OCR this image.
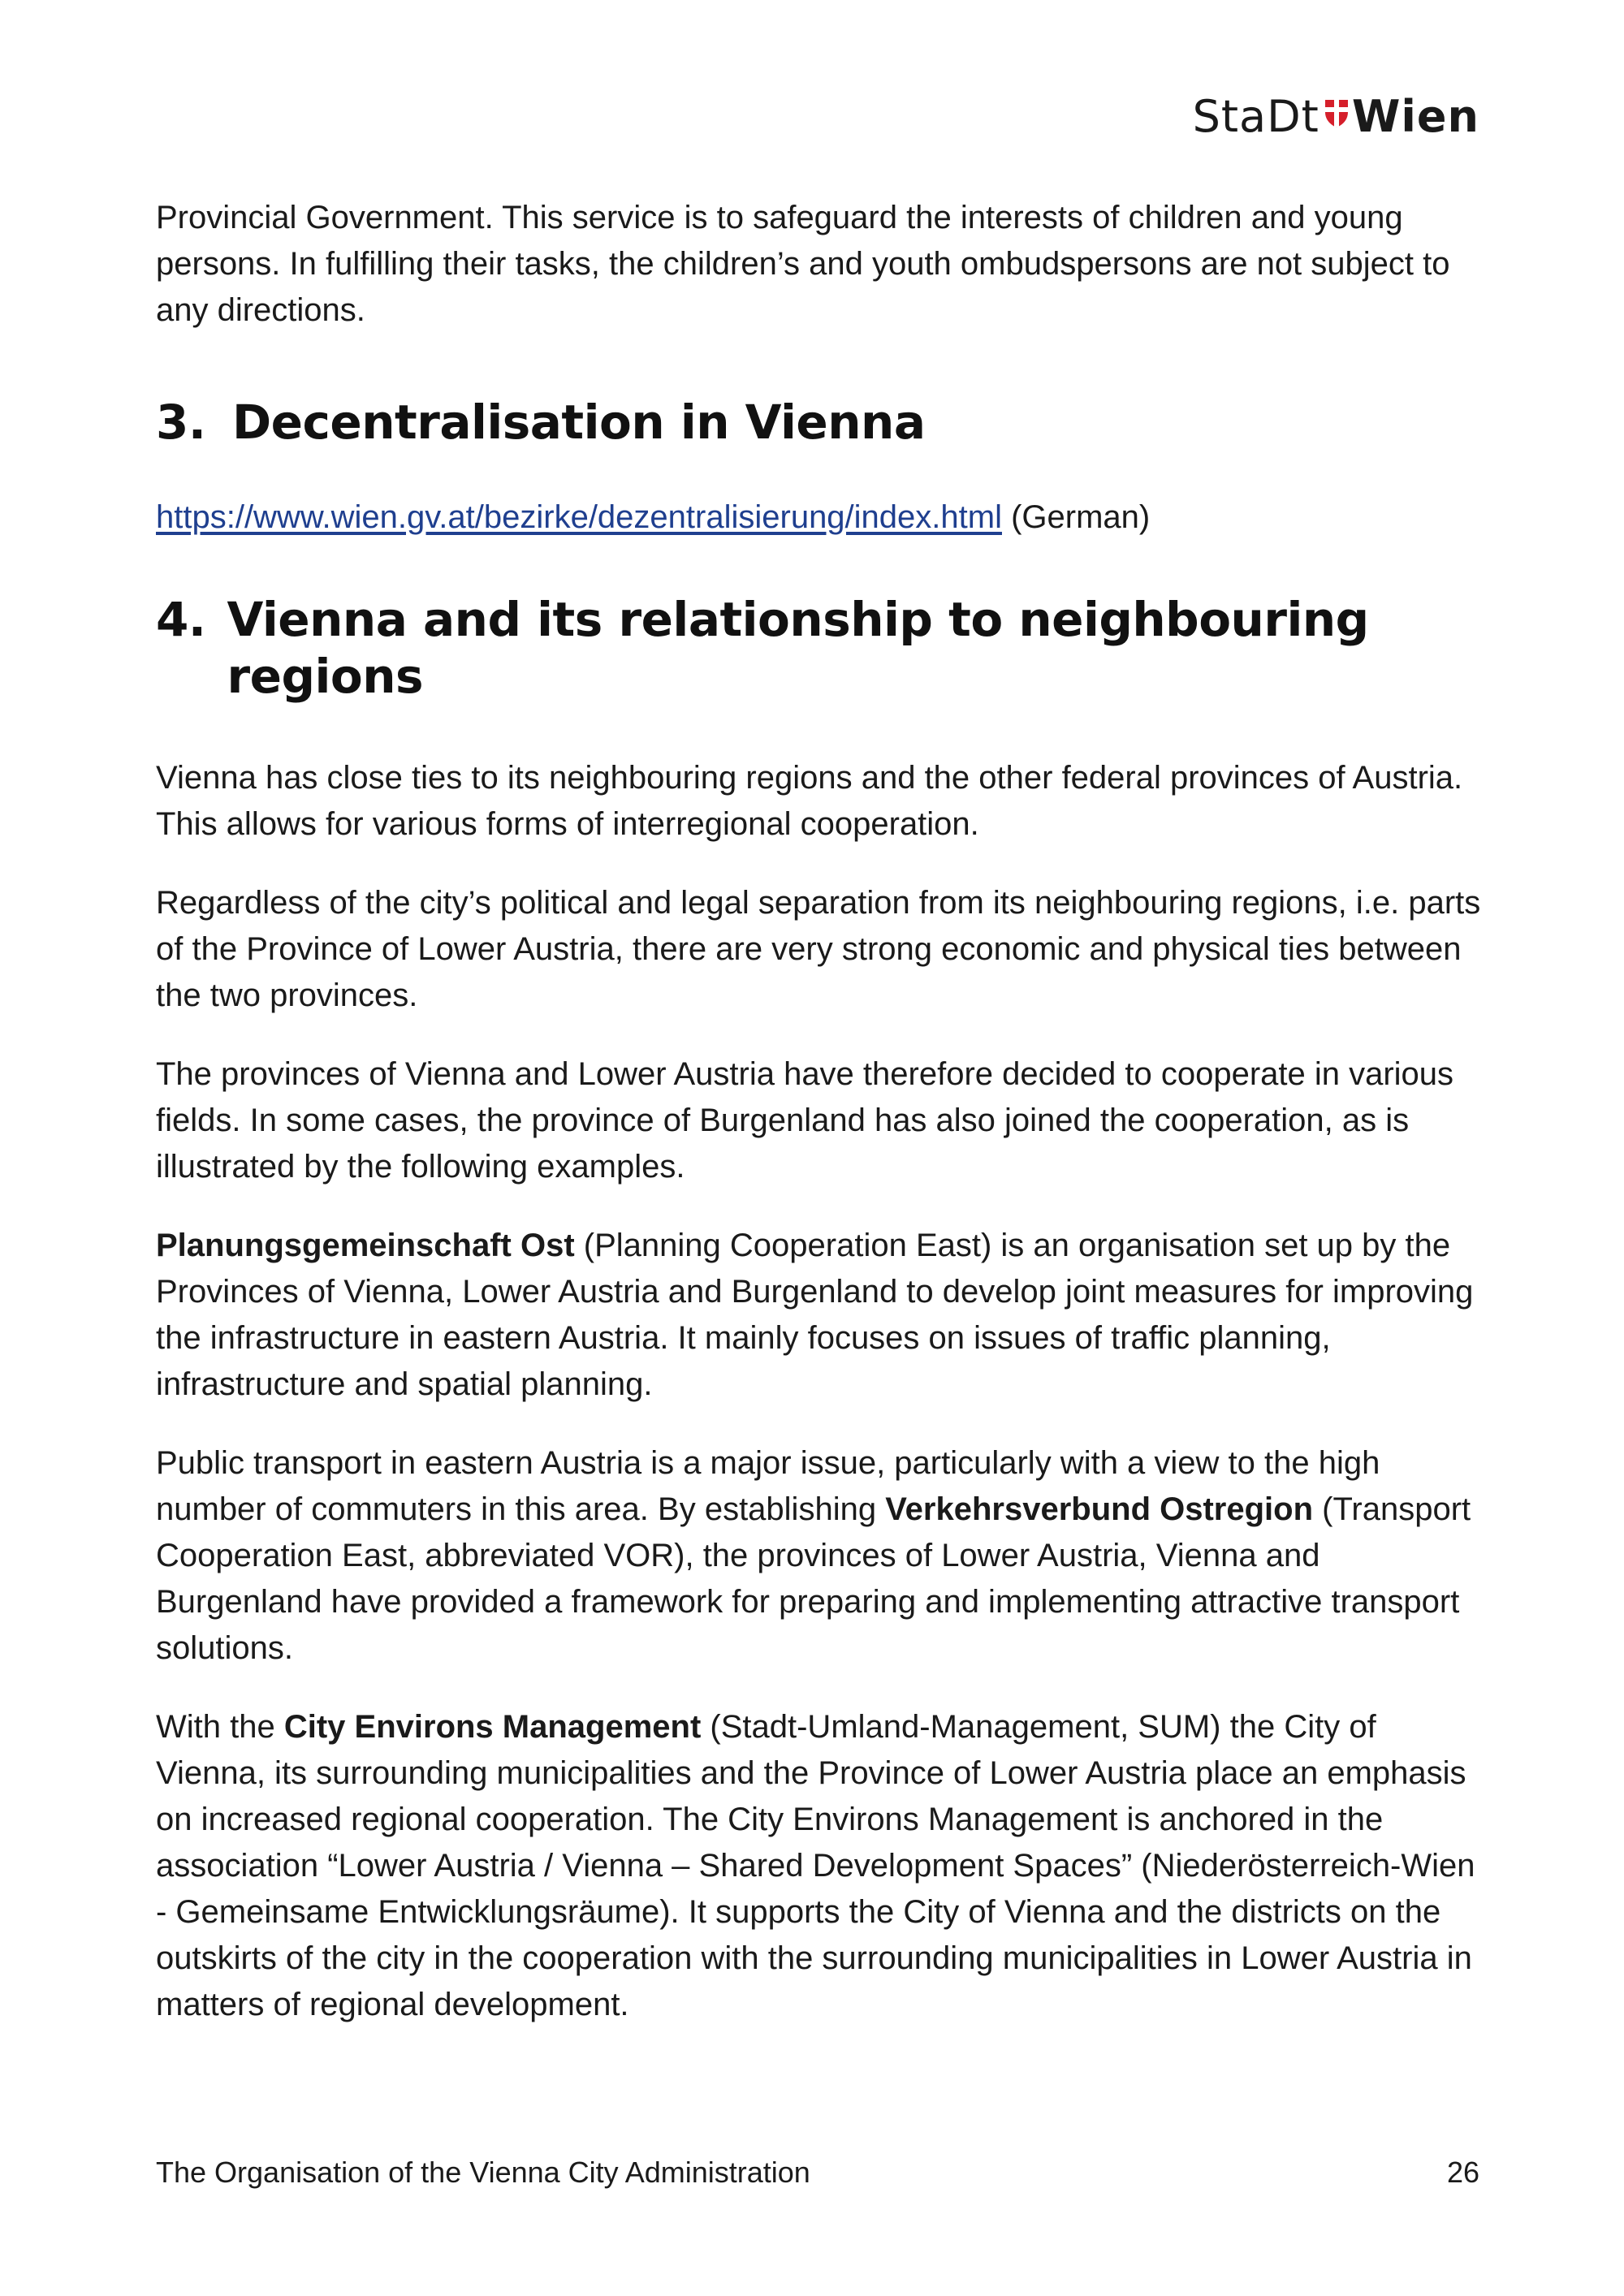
StaDt Wien

Provincial Government. This service is to safeguard the interests of children and young persons. In fulfilling their tasks, the children’s and youth ombudspersons are not subject to any directions.

3. Decentralisation in Vienna

https://www.wien.gv.at/bezirke/dezentralisierung/index.html (German)

4. Vienna and its relationship to neighbouring regions

Vienna has close ties to its neighbouring regions and the other federal provinces of Austria. This allows for various forms of interregional cooperation.

Regardless of the city’s political and legal separation from its neighbouring regions, i.e. parts of the Province of Lower Austria, there are very strong economic and physical ties between the two provinces.

The provinces of Vienna and Lower Austria have therefore decided to cooperate in various fields. In some cases, the province of Burgenland has also joined the cooperation, as is illustrated by the following examples.

Planungsgemeinschaft Ost (Planning Cooperation East) is an organisation set up by the Provinces of Vienna, Lower Austria and Burgenland to develop joint measures for improving the infrastructure in eastern Austria. It mainly focuses on issues of traffic planning, infrastructure and spatial planning.

Public transport in eastern Austria is a major issue, particularly with a view to the high number of commuters in this area. By establishing Verkehrsverbund Ostregion (Transport Cooperation East, abbreviated VOR), the provinces of Lower Austria, Vienna and Burgenland have provided a framework for preparing and implementing attractive transport solutions.

With the City Environs Management (Stadt-Umland-Management, SUM) the City of Vienna, its surrounding municipalities and the Province of Lower Austria place an emphasis on increased regional cooperation. The City Environs Management is anchored in the association “Lower Austria / Vienna – Shared Development Spaces” (Niederösterreich-Wien - Gemeinsame Entwicklungsräume). It supports the City of Vienna and the districts on the outskirts of the city in the cooperation with the surrounding municipalities in Lower Austria in matters of regional development.

The Organisation of the Vienna City Administration	26
